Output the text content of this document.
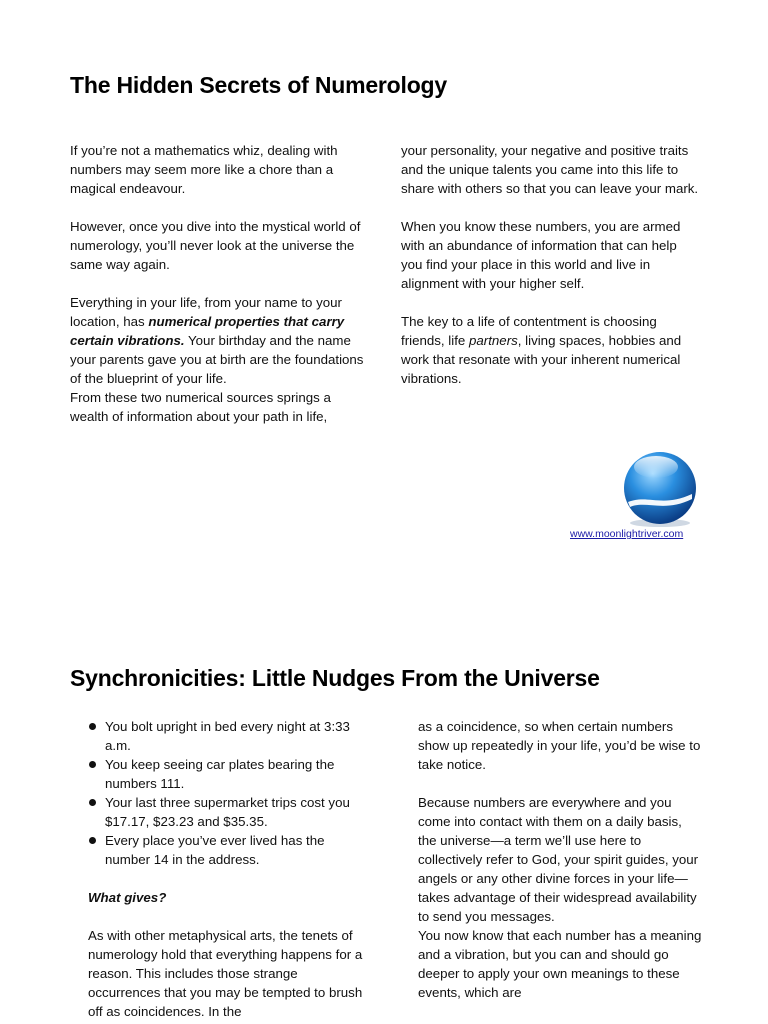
The Hidden Secrets of Numerology

If you’re not a mathematics whiz, dealing with numbers may seem more like a chore than a magical endeavour.

However, once you dive into the mystical world of numerology, you’ll never look at the universe the same way again.

Everything in your life, from your name to your location, has numerical properties that carry certain vibrations. Your birthday and the name your parents gave you at birth are the foundations of the blueprint of your life.

From these two numerical sources springs a wealth of information about your path in life,

your personality, your negative and positive traits and the unique talents you came into this life to share with others so that you can leave your mark.

When you know these numbers, you are armed with an abundance of information that can help you find your place in this world and live in alignment with your higher self.

The key to a life of contentment is choosing friends, life partners, living spaces, hobbies and work that resonate with your inherent numerical vibrations.

www.moonlightriver.com
Synchronicities: Little Nudges From the Universe
You bolt upright in bed every night at 3:33 a.m.
You keep seeing car plates bearing the numbers 111.
Your last three supermarket trips cost you $17.17, $23.23 and $35.35.
Every place you’ve ever lived has the number 14 in the address.

What gives?

As with other metaphysical arts, the tenets of numerology hold that everything happens for a reason. This includes those strange occurrences that you may be tempted to brush off as coincidences. In the

as a coincidence, so when certain numbers show up repeatedly in your life, you’d be wise to take notice.

Because numbers are everywhere and you come into contact with them on a daily basis, the universe—a term we’ll use here to collectively refer to God, your spirit guides, your angels or any other divine forces in your life—takes advantage of their widespread availability to send you messages.

You now know that each number has a meaning and a vibration, but you can and should go deeper to apply your own meanings to these events, which are
